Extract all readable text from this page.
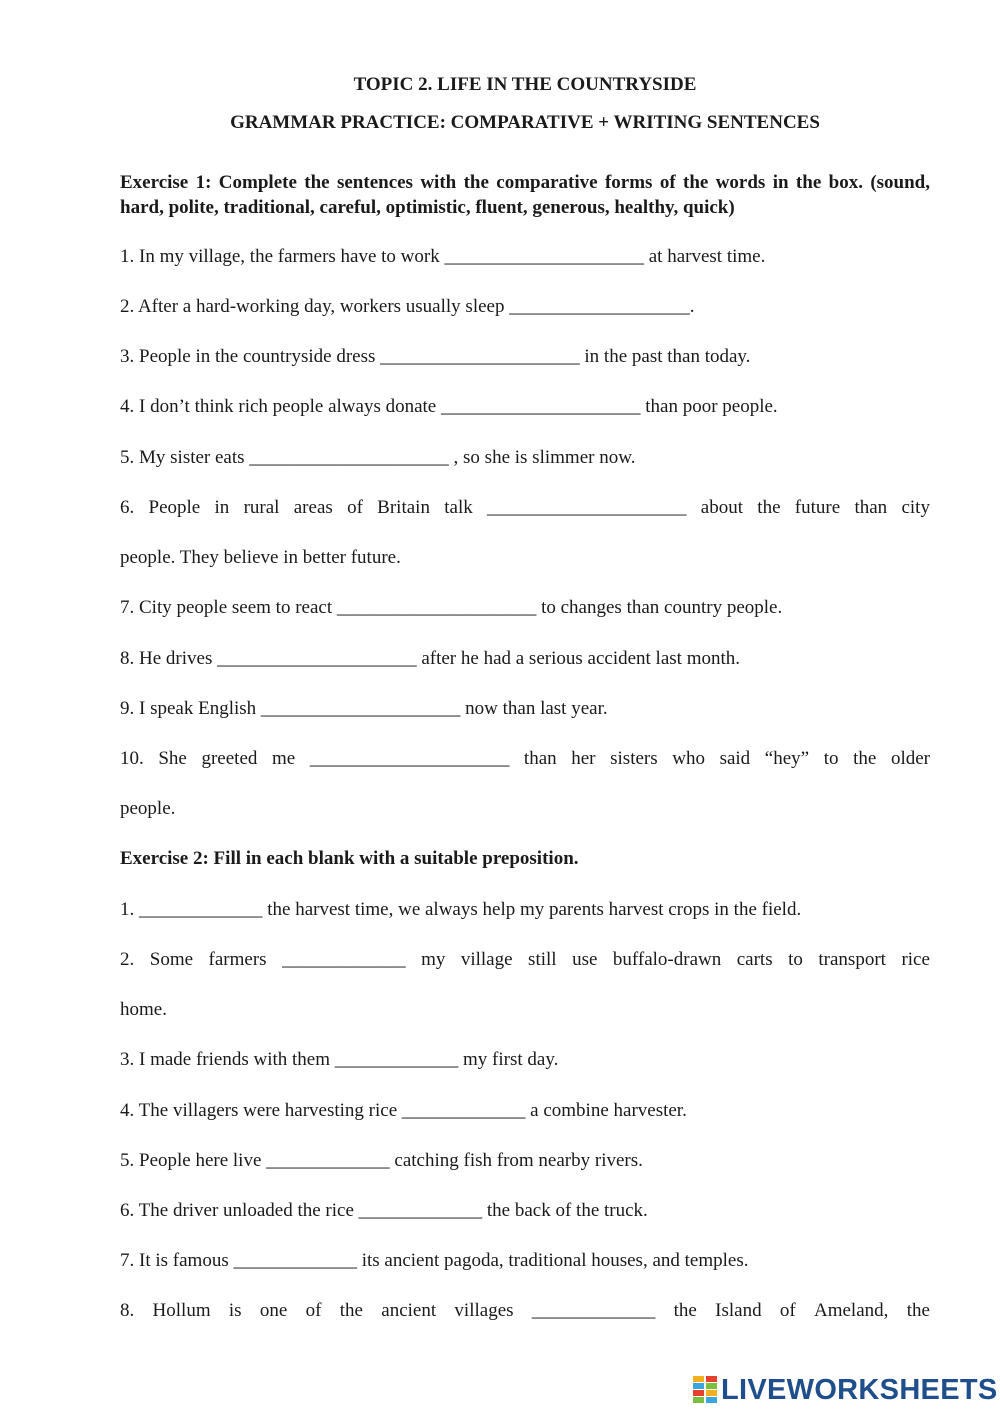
TOPIC 2. LIFE IN THE COUNTRYSIDE

GRAMMAR PRACTICE: COMPARATIVE + WRITING SENTENCES

Exercise 1: Complete the sentences with the comparative forms of the words in the box. (sound, hard, polite, traditional, careful, optimistic, fluent, generous, healthy, quick)

1. In my village, the farmers have to work _____________________ at harvest time.

2. After a hard-working day, workers usually sleep ___________________.

3. People in the countryside dress _____________________ in the past than today.

4. I don’t think rich people always donate _____________________ than poor people.

5. My sister eats _____________________ , so she is slimmer now.

6. People in rural areas of Britain talk _____________________ about the future than city

people. They believe in better future.

7. City people seem to react _____________________ to changes than country people.

8. He drives _____________________ after he had a serious accident last month.

9. I speak English _____________________ now than last year.

10. She greeted me _____________________ than her sisters who said “hey” to the older

people.

Exercise 2: Fill in each blank with a suitable preposition.

1. _____________ the harvest time, we always help my parents harvest crops in the field.

2. Some farmers _____________ my village still use buffalo-drawn carts to transport rice

home.

3. I made friends with them _____________ my first day.

4. The villagers were harvesting rice _____________ a combine harvester.

5. People here live _____________ catching fish from nearby rivers.

6. The driver unloaded the rice _____________ the back of the truck.

7. It is famous _____________ its ancient pagoda, traditional houses, and temples.

8. Hollum is one of the ancient villages _____________ the Island of Ameland, the

LIVEWORKSHEETS
